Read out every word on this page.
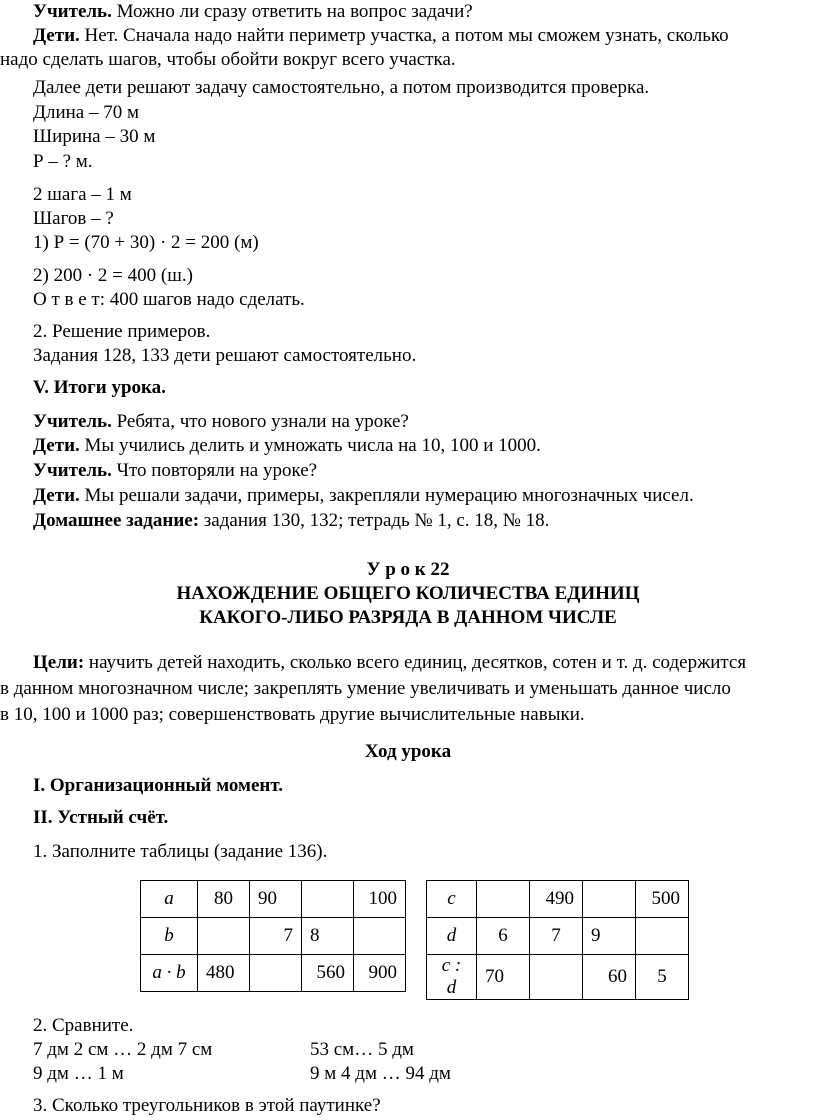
Учитель. Можно ли сразу ответить на вопрос задачи?
Дети. Нет. Сначала надо найти периметр участка, а потом мы сможем узнать, сколько
надо сделать шагов, чтобы обойти вокруг всего участка.
Далее дети решают задачу самостоятельно, а потом производится проверка.
Длина – 70 м
Ширина – 30 м
Р – ? м.
2 шага – 1 м
Шагов – ?
1) Р = (70 + 30) · 2 = 200 (м)
2) 200 · 2 = 400 (ш.)
О т в е т: 400 шагов надо сделать.
2. Решение примеров.
Задания 128, 133 дети решают самостоятельно.
V. Итоги урока.
Учитель. Ребята, что нового узнали на уроке?
Дети. Мы учились делить и умножать числа на 10, 100 и 1000.
Учитель. Что повторяли на уроке?
Дети. Мы решали задачи, примеры, закрепляли нумерацию многозначных чисел.
Домашнее задание: задания 130, 132; тетрадь № 1, с. 18, № 18.
У р о к 22
НАХОЖДЕНИЕ ОБЩЕГО КОЛИЧЕСТВА ЕДИНИЦ
КАКОГО-ЛИБО РАЗРЯДА В ДАННОМ ЧИСЛЕ
Цели: научить детей находить, сколько всего единиц, десятков, сотен и т. д. содержится
в данном многозначном числе; закреплять умение увеличивать и уменьшать данное число
в 10, 100 и 1000 раз; совершенствовать другие вычислительные навыки.
Ход урока
I. Организационный момент.
II. Устный счёт.
1. Заполните таблицы (задание 136).
a	80	90		100
b		7	8	
a · b	480		560	900
c		490		500
d	6	7	9	
c : d	70		60	5
2. Сравните.
7 дм 2 см … 2 дм 7 см	53 см… 5 дм
9 дм … 1 м	9 м 4 дм … 94 дм
3. Сколько треугольников в этой паутинке?
